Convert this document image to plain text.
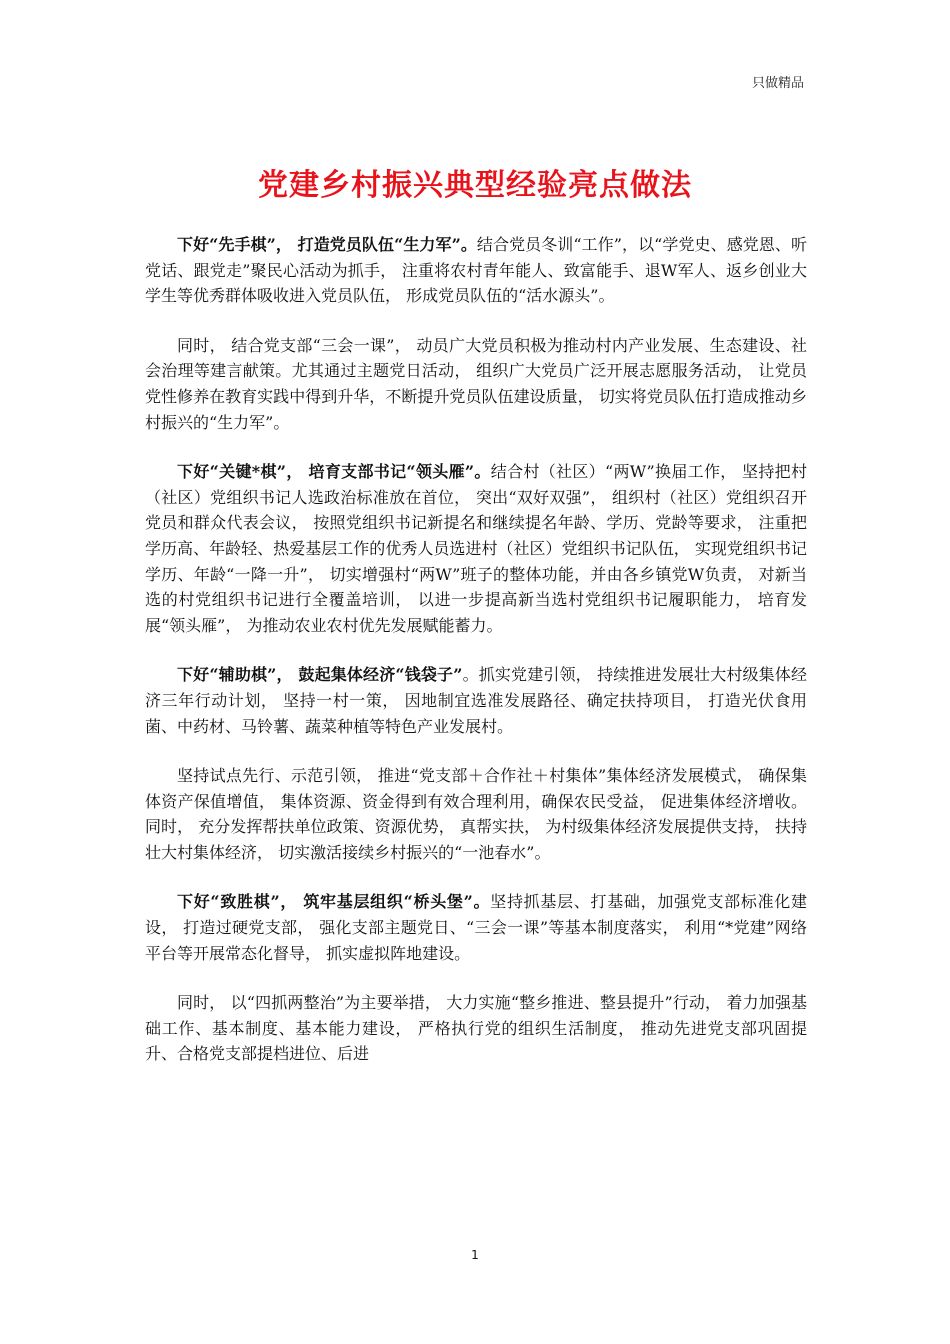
只做精品
党建乡村振兴典型经验亮点做法

下好“先手棋”， 打造党员队伍“生力军”。结合党员冬训“工作”，以“学党史、感党恩、听党话、跟党走”聚民心活动为抓手， 注重将农村青年能人、致富能手、退W军人、返乡创业大学生等优秀群体吸收进入党员队伍， 形成党员队伍的“活水源头”。

同时， 结合党支部“三会一课”， 动员广大党员积极为推动村内产业发展、生态建设、社会治理等建言献策。尤其通过主题党日活动， 组织广大党员广泛开展志愿服务活动， 让党员党性修养在教育实践中得到升华，不断提升党员队伍建设质量， 切实将党员队伍打造成推动乡村振兴的“生力军”。

下好“关键*棋”， 培育支部书记“领头雁”。结合村（社区）“两W”换届工作， 坚持把村（社区）党组织书记人选政治标准放在首位， 突出“双好双强”， 组织村（社区）党组织召开党员和群众代表会议， 按照党组织书记新提名和继续提名年龄、学历、党龄等要求， 注重把学历高、年龄轻、热爱基层工作的优秀人员选进村（社区）党组织书记队伍， 实现党组织书记学历、年龄“一降一升”， 切实增强村“两W”班子的整体功能，并由各乡镇党W负责， 对新当选的村党组织书记进行全覆盖培训， 以进一步提高新当选村党组织书记履职能力， 培育发展“领头雁”， 为推动农业农村优先发展赋能蓄力。

下好“辅助棋”， 鼓起集体经济“钱袋子”。抓实党建引领， 持续推进发展壮大村级集体经济三年行动计划， 坚持一村一策， 因地制宜选准发展路径、确定扶持项目， 打造光伏食用菌、中药材、马铃薯、蔬菜种植等特色产业发展村。

坚持试点先行、示范引领， 推进“党支部＋合作社＋村集体”集体经济发展模式， 确保集体资产保值增值， 集体资源、资金得到有效合理利用，确保农民受益， 促进集体经济增收。同时， 充分发挥帮扶单位政策、资源优势， 真帮实扶， 为村级集体经济发展提供支持， 扶持壮大村集体经济， 切实激活接续乡村振兴的“一池春水”。

下好“致胜棋”， 筑牢基层组织“桥头堡”。坚持抓基层、打基础，加强党支部标准化建设， 打造过硬党支部， 强化支部主题党日、“三会一课”等基本制度落实， 利用“*党建”网络平台等开展常态化督导， 抓实虚拟阵地建设。

同时， 以“四抓两整治”为主要举措， 大力实施“整乡推进、整县提升”行动， 着力加强基础工作、基本制度、基本能力建设， 严格执行党的组织生活制度， 推动先进党支部巩固提升、合格党支部提档进位、后进

1
